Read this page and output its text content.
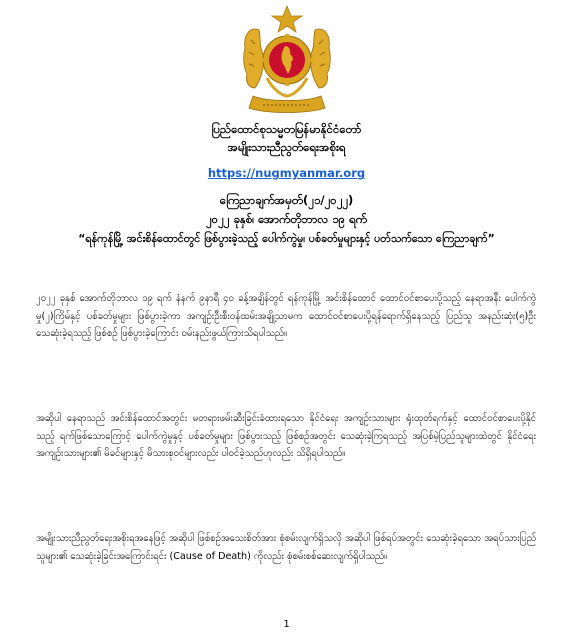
ပြည်ထောင်စုသမ္မတမြန်မာနိုင်ငံတော်
အမျိုးသားညီညွတ်ရေးအစိုးရ
https://nugmyanmar.org
ကြေညာချက်အမှတ်(၂၁/၂၀၂၂)
၂၀၂၂ ခုနှစ်၊ အောက်တိုဘာလ ၁၉ ရက်
“ရန်ကုန်မြို့ အင်းစိန်ထောင်တွင် ဖြစ်ပွားခဲ့သည့် ပေါက်ကွဲမှု၊ ပစ်ခတ်မှုများနှင့် ပတ်သက်သော ကြေညာချက်”
၂၀၂၂ ခုနှစ် အောက်တိုဘာလ ၁၉ ရက် နံနက် ၉နာရီ ၄၀ ခန့်အချိန်တွင် ရန်ကုန်မြို့ အင်းစိန်ထောင် ထောင်ဝင်စာပေးပို့သည့် နေရာအနီး ပေါက်ကွဲမှု(၂)ကြိမ်နှင့် ပစ်ခတ်မှုများ ဖြစ်ပွားခဲ့ကာ အကျဉ်းဦးစီးဝန်ထမ်းအချို့သာမက ထောင်ဝင်စာပေးပို့ရန်ရောက်ရှိနေသည့် ပြည်သူ အနည်းဆုံး(၅)ဦး သေဆုံးခဲ့ရသည့် ဖြစ်စဉ် ဖြစ်ပွားခဲ့ကြောင်း ဝမ်းနည်းဖွယ်ကြားသိရပါသည်။
အဆိုပါ နေရာသည် အင်းစိန်ထောင်အတွင်း မတရားဖမ်းဆီးခြင်းခံထားရသော နိုင်ငံရေး အကျဉ်းသားများ ရုံးထုတ်ရက်နှင့် ထောင်ဝင်စာပေးပို့နိုင်သည့် ရက်ဖြစ်သောကြောင့် ပေါက်ကွဲမှုနှင့် ပစ်ခတ်မှုများ ဖြစ်ပွားသည့် ဖြစ်စဉ်အတွင်း သေဆုံးခဲ့ကြရသည့် အပြစ်မဲ့ပြည်သူများထဲတွင် နိုင်ငံရေးအကျဉ်းသားများ၏ မိခင်များနှင့် မိသားစုဝင်များလည်း ပါဝင်ခဲ့သည်ဟုလည်း သိရှိရပါသည်။
အမျိုးသားညီညွတ်ရေးအစိုးရအနေဖြင့် အဆိုပါ ဖြစ်စဉ်အသေးစိတ်အား စုံစမ်းလျက်ရှိသလို အဆိုပါ ဖြစ်ရပ်အတွင်း သေဆုံးခဲ့ရသော အရပ်သားပြည်သူများ၏ သေဆုံးခဲ့ခြင်းအကြောင်းရင်း (Cause of Death) ကိုလည်း စုံစမ်းစစ်ဆေးလျက်ရှိပါသည်။
1
